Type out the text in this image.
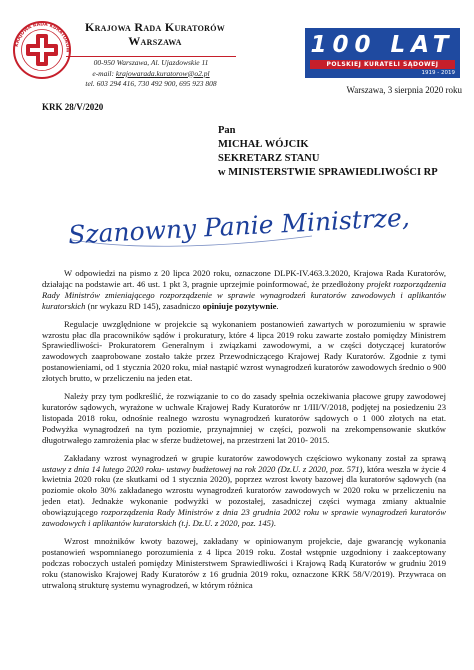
KRAJOWA RADA KURATORÓW
Krajowa Rada Kuratorów
Warszawa
00-950 Warszawa, Al. Ujazdowskie 11
e-mail: krajowarada.kuratorow@o2.pl
tel. 603 294 416, 730 492 900, 695 923 808
100 LAT
POLSKIEJ KURATELI SĄDOWEJ
1919 - 2019
Warszawa, 3 sierpnia 2020 roku
KRK 28/V/2020
Pan
MICHAŁ WÓJCIK
SEKRETARZ STANU
w MINISTERSTWIE SPRAWIEDLIWOŚCI RP
Szanowny Panie Ministrze,

W odpowiedzi na pismo z 20 lipca 2020 roku, oznaczone DLPK-IV.463.3.2020, Krajowa Rada Kuratorów, działając na podstawie art. 46 ust. 1 pkt 3, pragnie uprzejmie poinformować, że przedłożony projekt rozporządzenia Rady Ministrów zmieniającego rozporządzenie w sprawie wynagrodzeń kuratorów zawodowych i aplikantów kuratorskich (nr wykazu RD 145), zasadniczo opiniuje pozytywnie.

Regulacje uwzględnione w projekcie są wykonaniem postanowień zawartych w porozumieniu w sprawie wzrostu płac dla pracowników sądów i prokuratury, które 4 lipca 2019 roku zawarte zostało pomiędzy Ministrem Sprawiedliwości- Prokuratorem Generalnym i związkami zawodowymi, a w części dotyczącej kuratorów zawodowych zaaprobowane zostało także przez Przewodniczącego Krajowej Rady Kuratorów. Zgodnie z tymi postanowieniami, od 1 stycznia 2020 roku, miał nastąpić wzrost wynagrodzeń kuratorów zawodowych średnio o 900 złotych brutto, w przeliczeniu na jeden etat.

Należy przy tym podkreślić, że rozwiązanie to co do zasady spełnia oczekiwania płacowe grupy zawodowej kuratorów sądowych, wyrażone w uchwale Krajowej Rady Kuratorów nr 1/III/V/2018, podjętej na posiedzeniu 23 listopada 2018 roku, odnośnie realnego wzrostu wynagrodzeń kuratorów sądowych o 1 000 złotych na etat. Podwyżka wynagrodzeń na tym poziomie, przynajmniej w części, pozwoli na zrekompensowanie skutków długotrwałego zamrożenia płac w sferze budżetowej, na przestrzeni lat 2010- 2015.

Zakładany wzrost wynagrodzeń w grupie kuratorów zawodowych częściowo wykonany został za sprawą ustawy z dnia 14 lutego 2020 roku- ustawy budżetowej na rok 2020 (Dz.U. z 2020, poz. 571), która weszła w życie 4 kwietnia 2020 roku (ze skutkami od 1 stycznia 2020), poprzez wzrost kwoty bazowej dla kuratorów sądowych (na poziomie około 30% zakładanego wzrostu wynagrodzeń kuratorów zawodowych w 2020 roku w przeliczeniu na jeden etat). Jednakże wykonanie podwyżki w pozostałej, zasadniczej części wymaga zmiany aktualnie obowiązującego rozporządzenia Rady Ministrów z dnia 23 grudnia 2002 roku w sprawie wynagrodzeń kuratorów zawodowych i aplikantów kuratorskich (t.j. Dz.U. z 2020, poz. 145).

Wzrost mnożników kwoty bazowej, zakładany w opiniowanym projekcie, daje gwarancję wykonania postanowień wspomnianego porozumienia z 4 lipca 2019 roku. Został wstępnie uzgodniony i zaakceptowany podczas roboczych ustaleń pomiędzy Ministerstwem Sprawiedliwości i Krajową Radą Kuratorów w grudniu 2019 roku (stanowisko Krajowej Rady Kuratorów z 16 grudnia 2019 roku, oznaczone KRK 58/V/2019). Przywraca on utrwaloną strukturę systemu wynagrodzeń, w którym różnica
